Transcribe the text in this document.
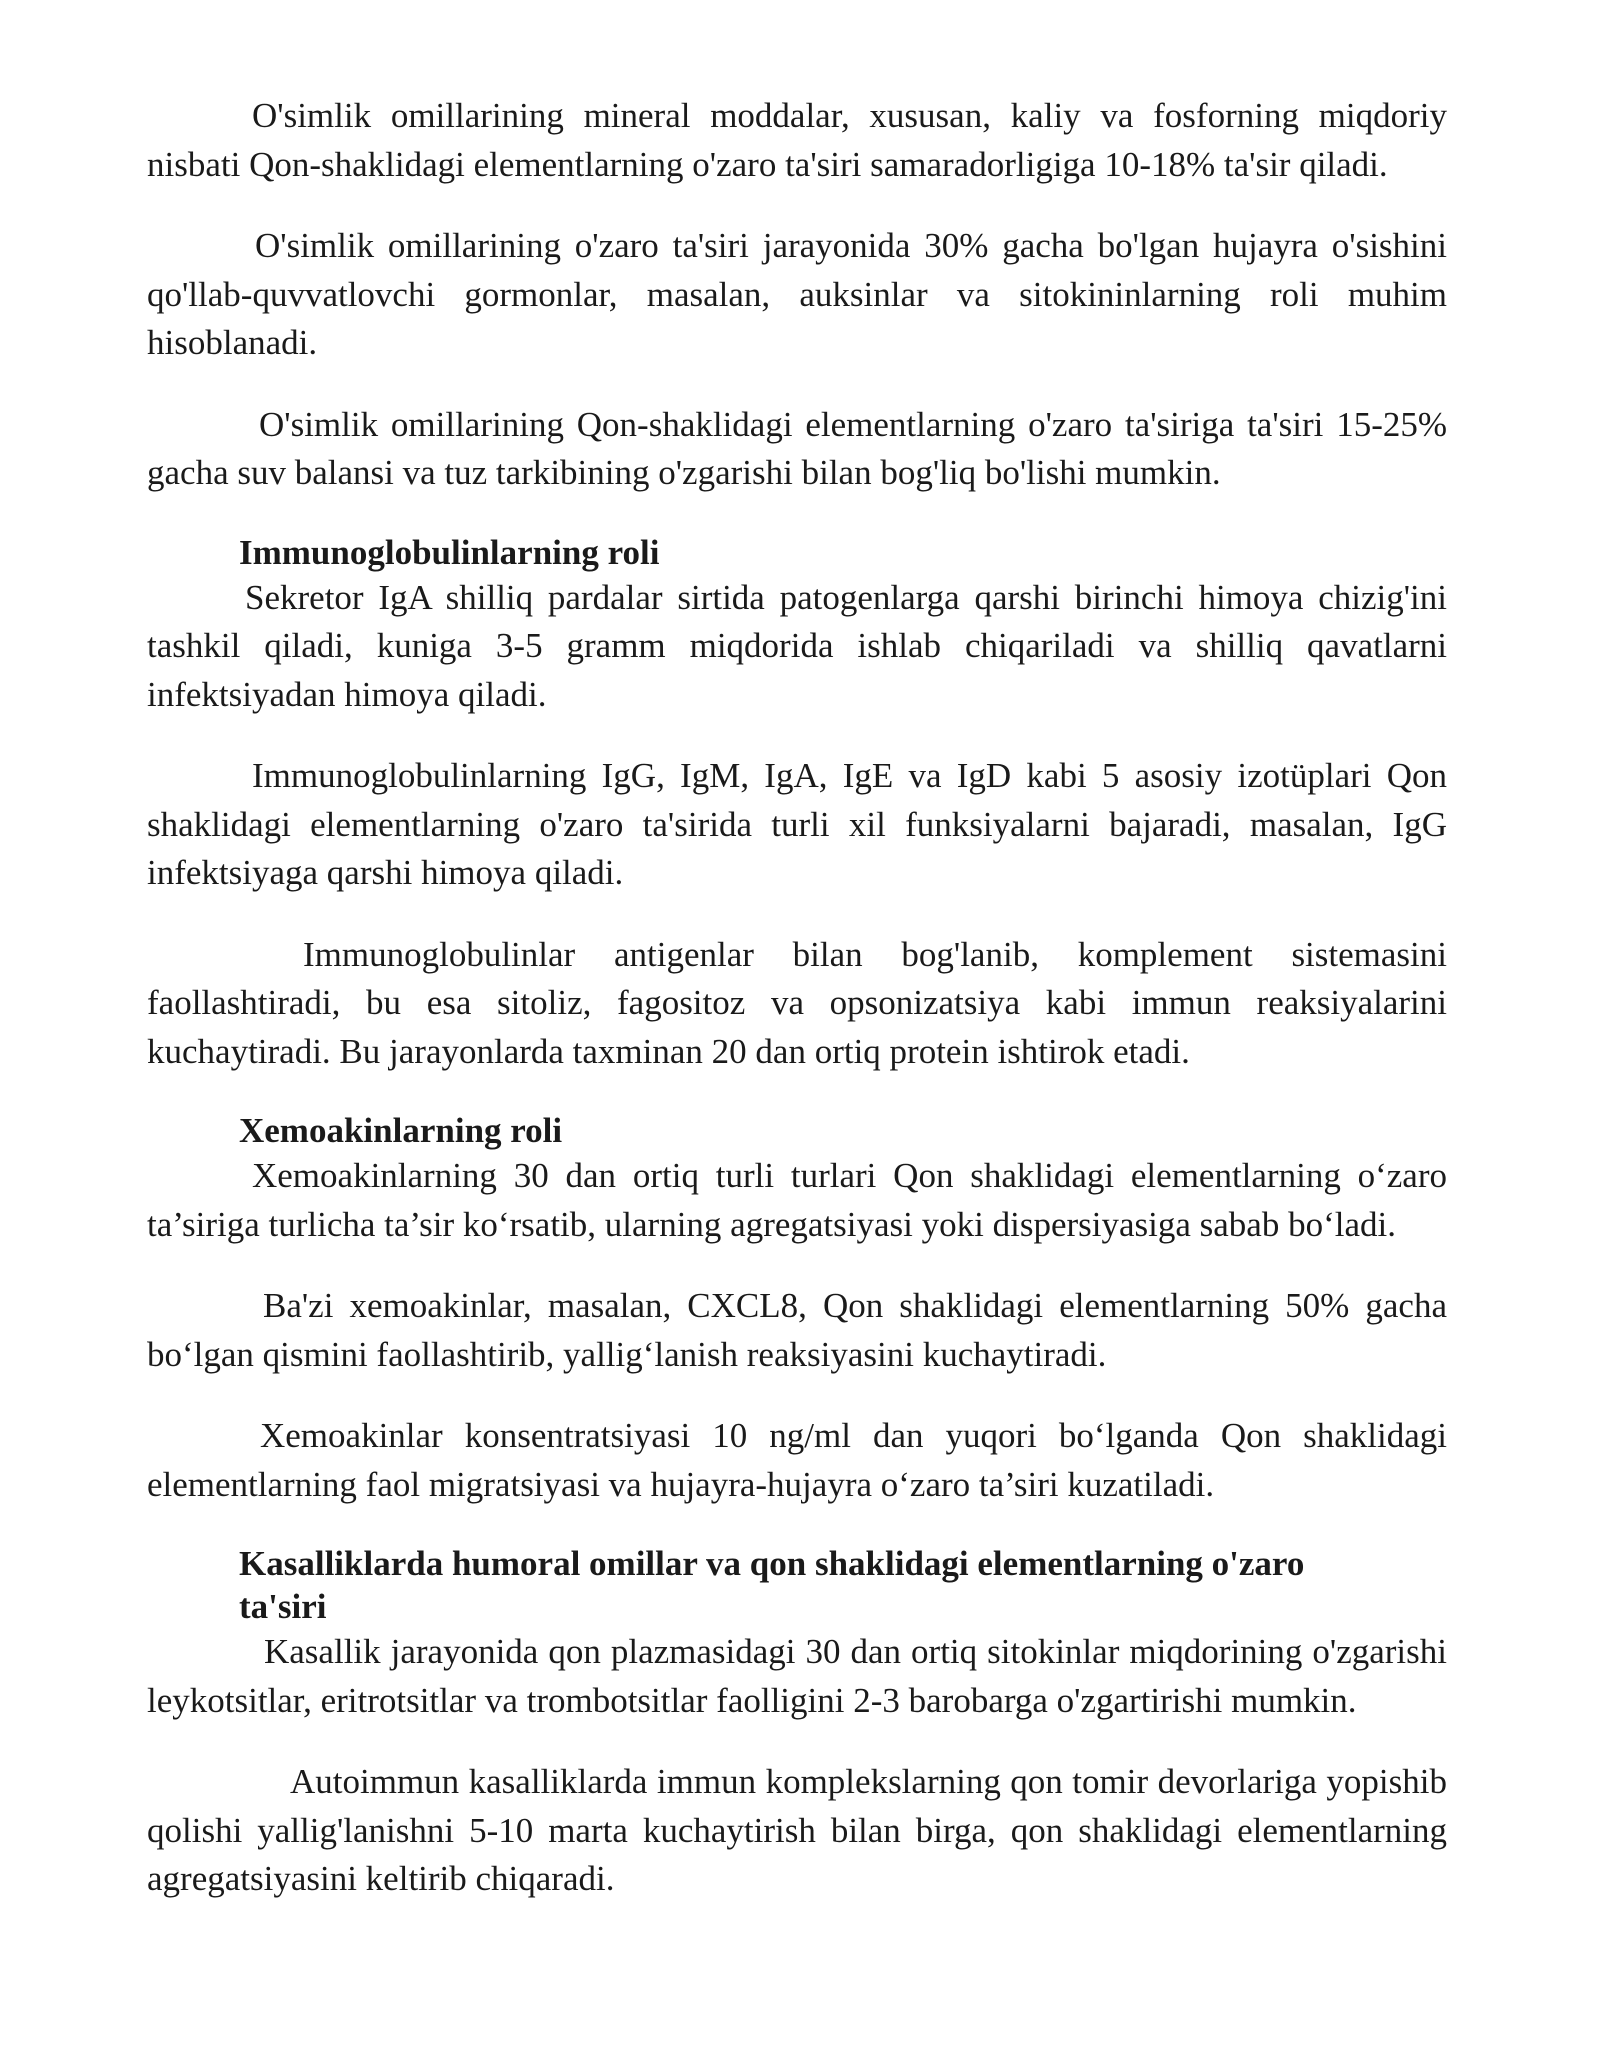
O'simlik omillarining mineral moddalar, xususan, kaliy va fosforning miqdoriy nisbati Qon-shaklidagi elementlarning o'zaro ta'siri samaradorligiga 10-18% ta'sir qiladi.

O'simlik omillarining o'zaro ta'siri jarayonida 30% gacha bo'lgan hujayra o'sishini qo'llab-quvvatlovchi gormonlar, masalan, auksinlar va sitokininlarning roli muhim hisoblanadi.

O'simlik omillarining Qon-shaklidagi elementlarning o'zaro ta'siriga ta'siri 15-25% gacha suv balansi va tuz tarkibining o'zgarishi bilan bog'liq bo'lishi mumkin.

Immunoglobulinlarning roli

Sekretor IgA shilliq pardalar sirtida patogenlarga qarshi birinchi himoya chizig'ini tashkil qiladi, kuniga 3-5 gramm miqdorida ishlab chiqariladi va shilliq qavatlarni infektsiyadan himoya qiladi.

Immunoglobulinlarning IgG, IgM, IgA, IgE va IgD kabi 5 asosiy izotüplari Qon shaklidagi elementlarning o'zaro ta'sirida turli xil funksiyalarni bajaradi, masalan, IgG infektsiyaga qarshi himoya qiladi.

Immunoglobulinlar antigenlar bilan bog'lanib, komplement sistemasini faollashtiradi, bu esa sitoliz, fagositoz va opsonizatsiya kabi immun reaksiyalarini kuchaytiradi. Bu jarayonlarda taxminan 20 dan ortiq protein ishtirok etadi.

Xemoakinlarning roli

Xemoakinlarning 30 dan ortiq turli turlari Qon shaklidagi elementlarning o‘zaro ta’siriga turlicha ta’sir ko‘rsatib, ularning agregatsiyasi yoki dispersiyasiga sabab bo‘ladi.

Ba'zi xemoakinlar, masalan, CXCL8, Qon shaklidagi elementlarning 50% gacha bo‘lgan qismini faollashtirib, yallig‘lanish reaksiyasini kuchaytiradi.

Xemoakinlar konsentratsiyasi 10 ng/ml dan yuqori bo‘lganda Qon shaklidagi elementlarning faol migratsiyasi va hujayra-hujayra o‘zaro ta’siri kuzatiladi.

Kasalliklarda humoral omillar va qon shaklidagi elementlarning o'zaro ta'siri

Kasallik jarayonida qon plazmasidagi 30 dan ortiq sitokinlar miqdorining o'zgarishi leykotsitlar, eritrotsitlar va trombotsitlar faolligini 2-3 barobarga o'zgartirishi mumkin.

Autoimmun kasalliklarda immun komplekslarning qon tomir devorlariga yopishib qolishi yallig'lanishni 5-10 marta kuchaytirish bilan birga, qon shaklidagi elementlarning agregatsiyasini keltirib chiqaradi.
